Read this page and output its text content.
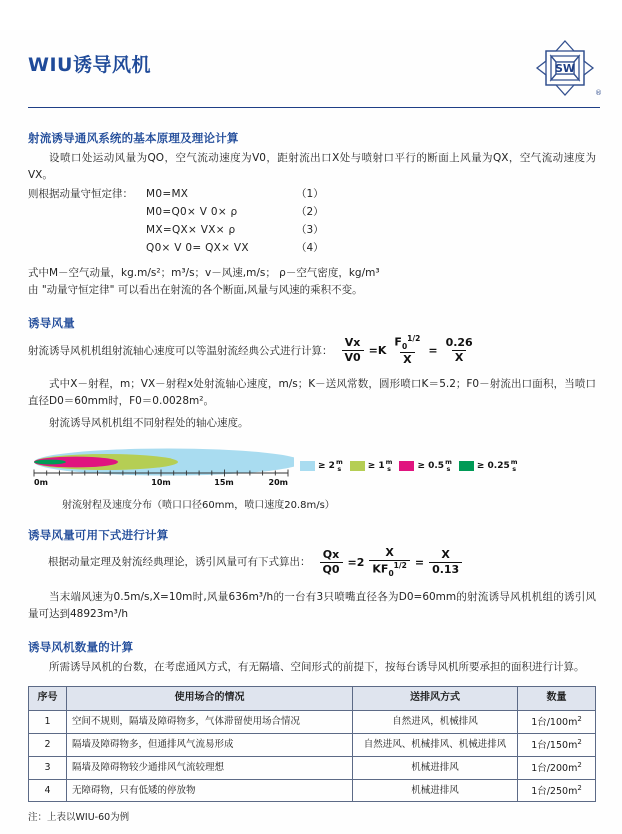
WIU诱导风机	SW
®
射流诱导通风系统的基本原理及理论计算

设喷口处运动风量为QO，空气流动速度为V0，距射流出口X处与喷射口平行的断面上风量为QX，空气流动速度为VX。

则根据动量守恒定律：	M0=MX	（1）
M0=Q0× V 0× ρ	（2）
MX=QX× VX× ρ	（3）
Q0× V 0= QX× VX	（4）

式中M－空气动量，kg.m/s²；m³/s；v－风速,m/s； ρ－空气密度，kg/m³

由 "动量守恒定律" 可以看出在射流的各个断面,风量与风速的乘积不变。

诱导风量
射流诱导风机机组射流轴心速度可以等温射流经典公式进行计算： $\frac{Vx}{V0} =K \frac{F_0^{1/2}}{X} = \frac{0.26}{X}$

式中X－射程，m；VX－射程x处射流轴心速度，m/s；K－送风常数，圆形喷口K＝5.2；F0－射流出口面积，当喷口直径D0＝60mm时，F0＝0.0028m²。

射流诱导风机机组不同射程处的轴心速度。

0m	10m	15m	20m
≥ 2 m
s	≥ 1 m
s	≥ 0.5 m
s	≥ 0.25 m
s
射流射程及速度分布（喷口口径60mm，喷口速度20.8m/s）
诱导风量可用下式进行计算
根据动量定理及射流经典理论，诱引风量可有下式算出： $\frac{Qx}{Q0} =2 \frac{X}{KF_0^{1/2}} = \frac{X}{0.13}$

当末端风速为0.5m/s,X=10m时,风量636m³/h的一台有3只喷嘴直径各为D0=60mm的射流诱导风机机组的诱引风量可达到48923m³/h

诱导风机数量的计算

所需诱导风机的台数，在考虑通风方式，有无隔墙、空间形式的前提下，按每台诱导风机所要承担的面积进行计算。

序号	使用场合的情况	送排风方式	数量
1	空间不规则，隔墙及障碍物多，气体滞留使用场合情况	自然进风，机械排风	1台$/100m^2$
2	隔墙及障碍物多，但通排风气流易形成	自然进风、机械排风、机械进排风	1台$/150m^2$
3	隔墙及障碍物较少通排风气流较理想	机械进排风	1台$/200m^2$
4	无障碍物，只有低矮的停放物	机械进排风	1台$/250m^2$
注：上表以WIU-60为例
